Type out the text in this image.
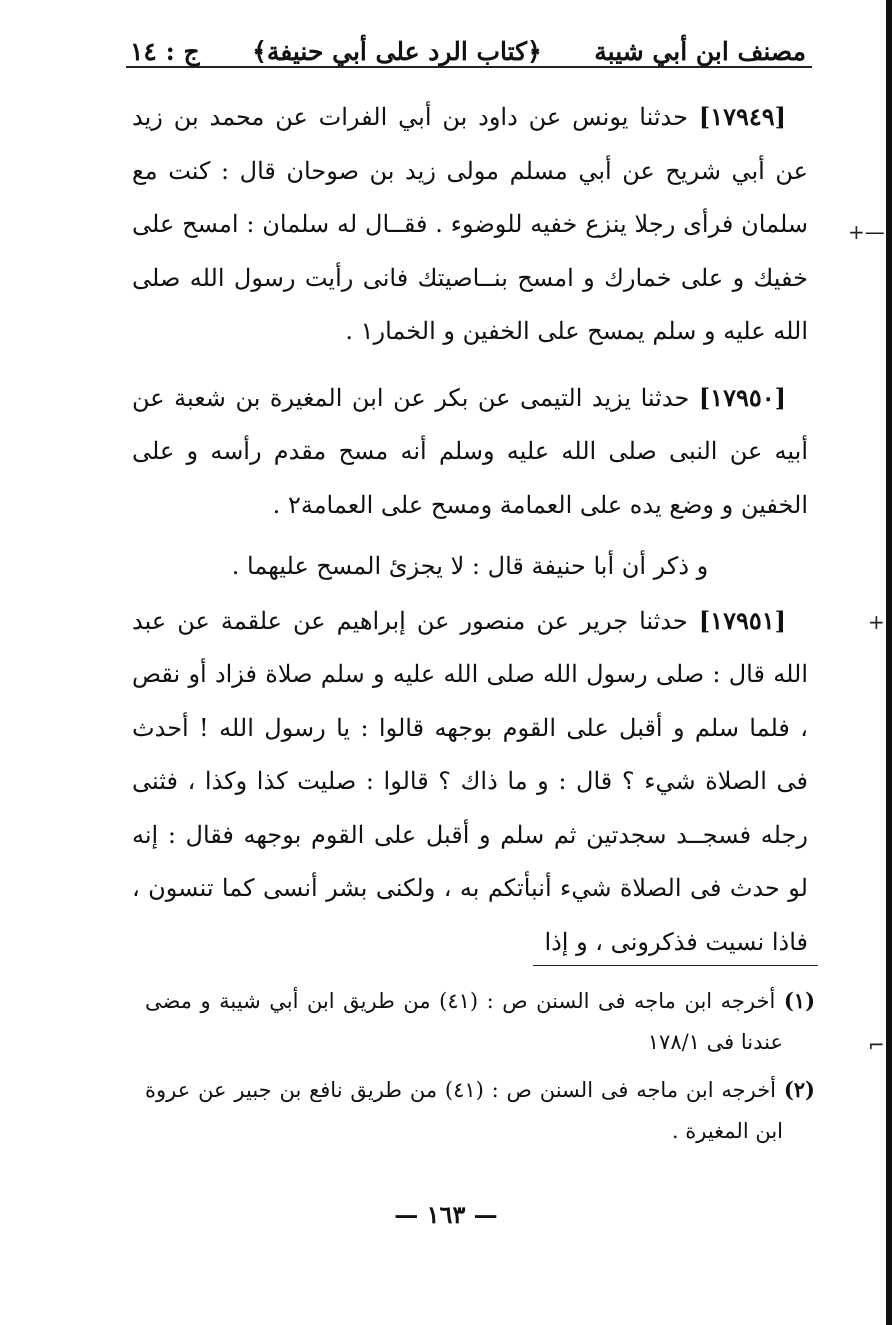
مصنف ابن أبي شيبة
﴿كتاب الرد على أبي حنيفة﴾
ج : ١٤

[١٧٩٤٩] حدثنا يونس عن داود بن أبي الفرات عن محمد بن زيد عن أبي شريح عن أبي مسلم مولى زيد بن صوحان قال : كنت مع سلمان فرأى رجلا ينزع خفيه للوضوء . فقــال له سلمان : امسح على خفيك و على خمارك و امسح بنــاصيتك فانى رأيت رسول الله صلى الله عليه و سلم يمسح على الخفين و الخمار١ .

[١٧٩٥٠] حدثنا يزيد التيمى عن بكر عن ابن المغيرة بن شعبة عن أبيه عن النبى صلى الله عليه وسلم أنه مسح مقدم رأسه و على الخفين و وضع يده على العمامة ومسح على العمامة٢ .

و ذكر أن أبا حنيفة قال : لا يجزئ المسح عليهما .

[١٧٩٥١] حدثنا جرير عن منصور عن إبراهيم عن علقمة عن عبد الله قال : صلى رسول الله صلى الله عليه و سلم صلاة فزاد أو نقص ، فلما سلم و أقبل على القوم بوجهه قالوا : يا رسول الله ! أحدث فى الصلاة شيء ؟ قال : و ما ذاك ؟ قالوا : صليت كذا وكذا ، فثنى رجله فسجــد سجدتين ثم سلم و أقبل على القوم بوجهه فقال : إنه لو حدث فى الصلاة شيء أنبأتكم به ، ولكنى بشر أنسى كما تنسون ، فاذا نسيت فذكرونى ، و إذا

(١) أخرجه ابن ماجه فى السنن ص : (٤١) من طريق ابن أبي شيبة و مضى عندنا فى ١٧٨/١

(٢) أخرجه ابن ماجه فى السنن ص : (٤١) من طريق نافع بن جبير عن عروة ابن المغيرة .

— ١٦٣ —
—+
+
⌐
